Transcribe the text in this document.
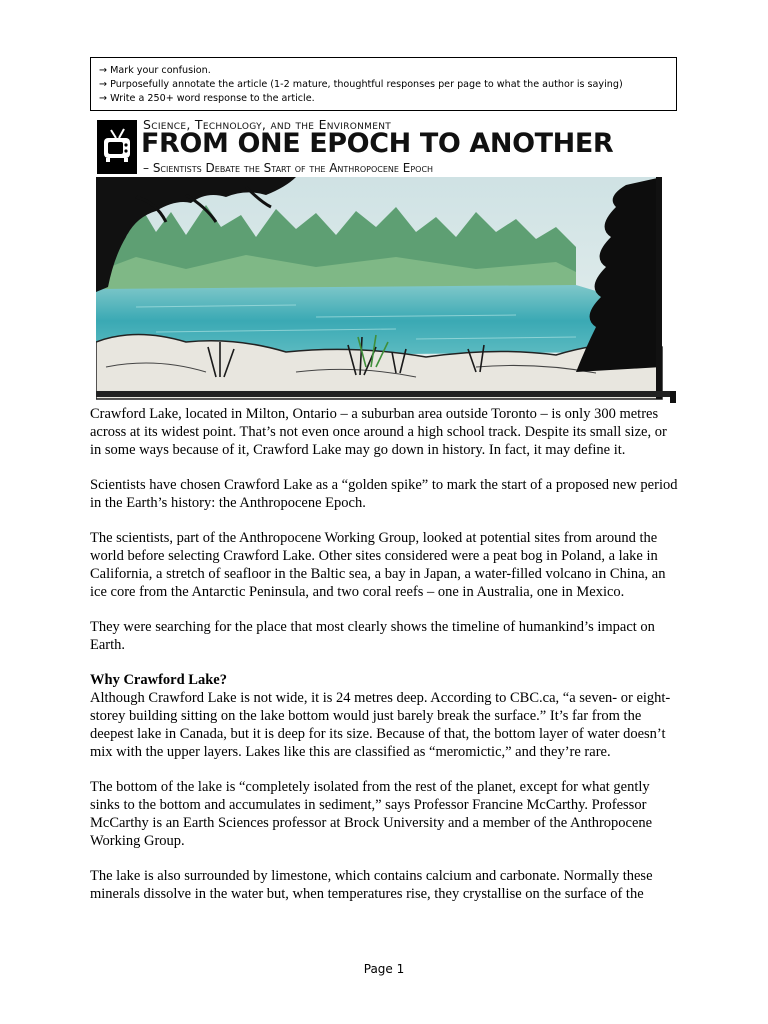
→ Mark your confusion.
→ Purposefully annotate the article (1-2 mature, thoughtful responses per page to what the author is saying)
→ Write a 250+ word response to the article.
Science, Technology, and the Environment
FROM ONE EPOCH TO ANOTHER
– Scientists Debate the Start of the Anthropocene Epoch

Crawford Lake, located in Milton, Ontario – a suburban area outside Toronto – is only 300 metres across at its widest point. That’s not even once around a high school track. Despite its small size, or in some ways because of it, Crawford Lake may go down in history. In fact, it may define it.

Scientists have chosen Crawford Lake as a “golden spike” to mark the start of a proposed new period in the Earth’s history: the Anthropocene Epoch.

The scientists, part of the Anthropocene Working Group, looked at potential sites from around the world before selecting Crawford Lake. Other sites considered were a peat bog in Poland, a lake in California, a stretch of seafloor in the Baltic sea, a bay in Japan, a water-filled volcano in China, an ice core from the Antarctic Peninsula, and two coral reefs – one in Australia, one in Mexico.

They were searching for the place that most clearly shows the timeline of humankind’s impact on Earth.

Why Crawford Lake?

Although Crawford Lake is not wide, it is 24 metres deep. According to CBC.ca, “a seven- or eight-storey building sitting on the lake bottom would just barely break the surface.” It’s far from the deepest lake in Canada, but it is deep for its size. Because of that, the bottom layer of water doesn’t mix with the upper layers. Lakes like this are classified as “meromictic,” and they’re rare.

The bottom of the lake is “completely isolated from the rest of the planet, except for what gently sinks to the bottom and accumulates in sediment,” says Professor Francine McCarthy. Professor McCarthy is an Earth Sciences professor at Brock University and a member of the Anthropocene Working Group.

The lake is also surrounded by limestone, which contains calcium and carbonate. Normally these minerals dissolve in the water but, when temperatures rise, they crystallise on the surface of the

Page 1
